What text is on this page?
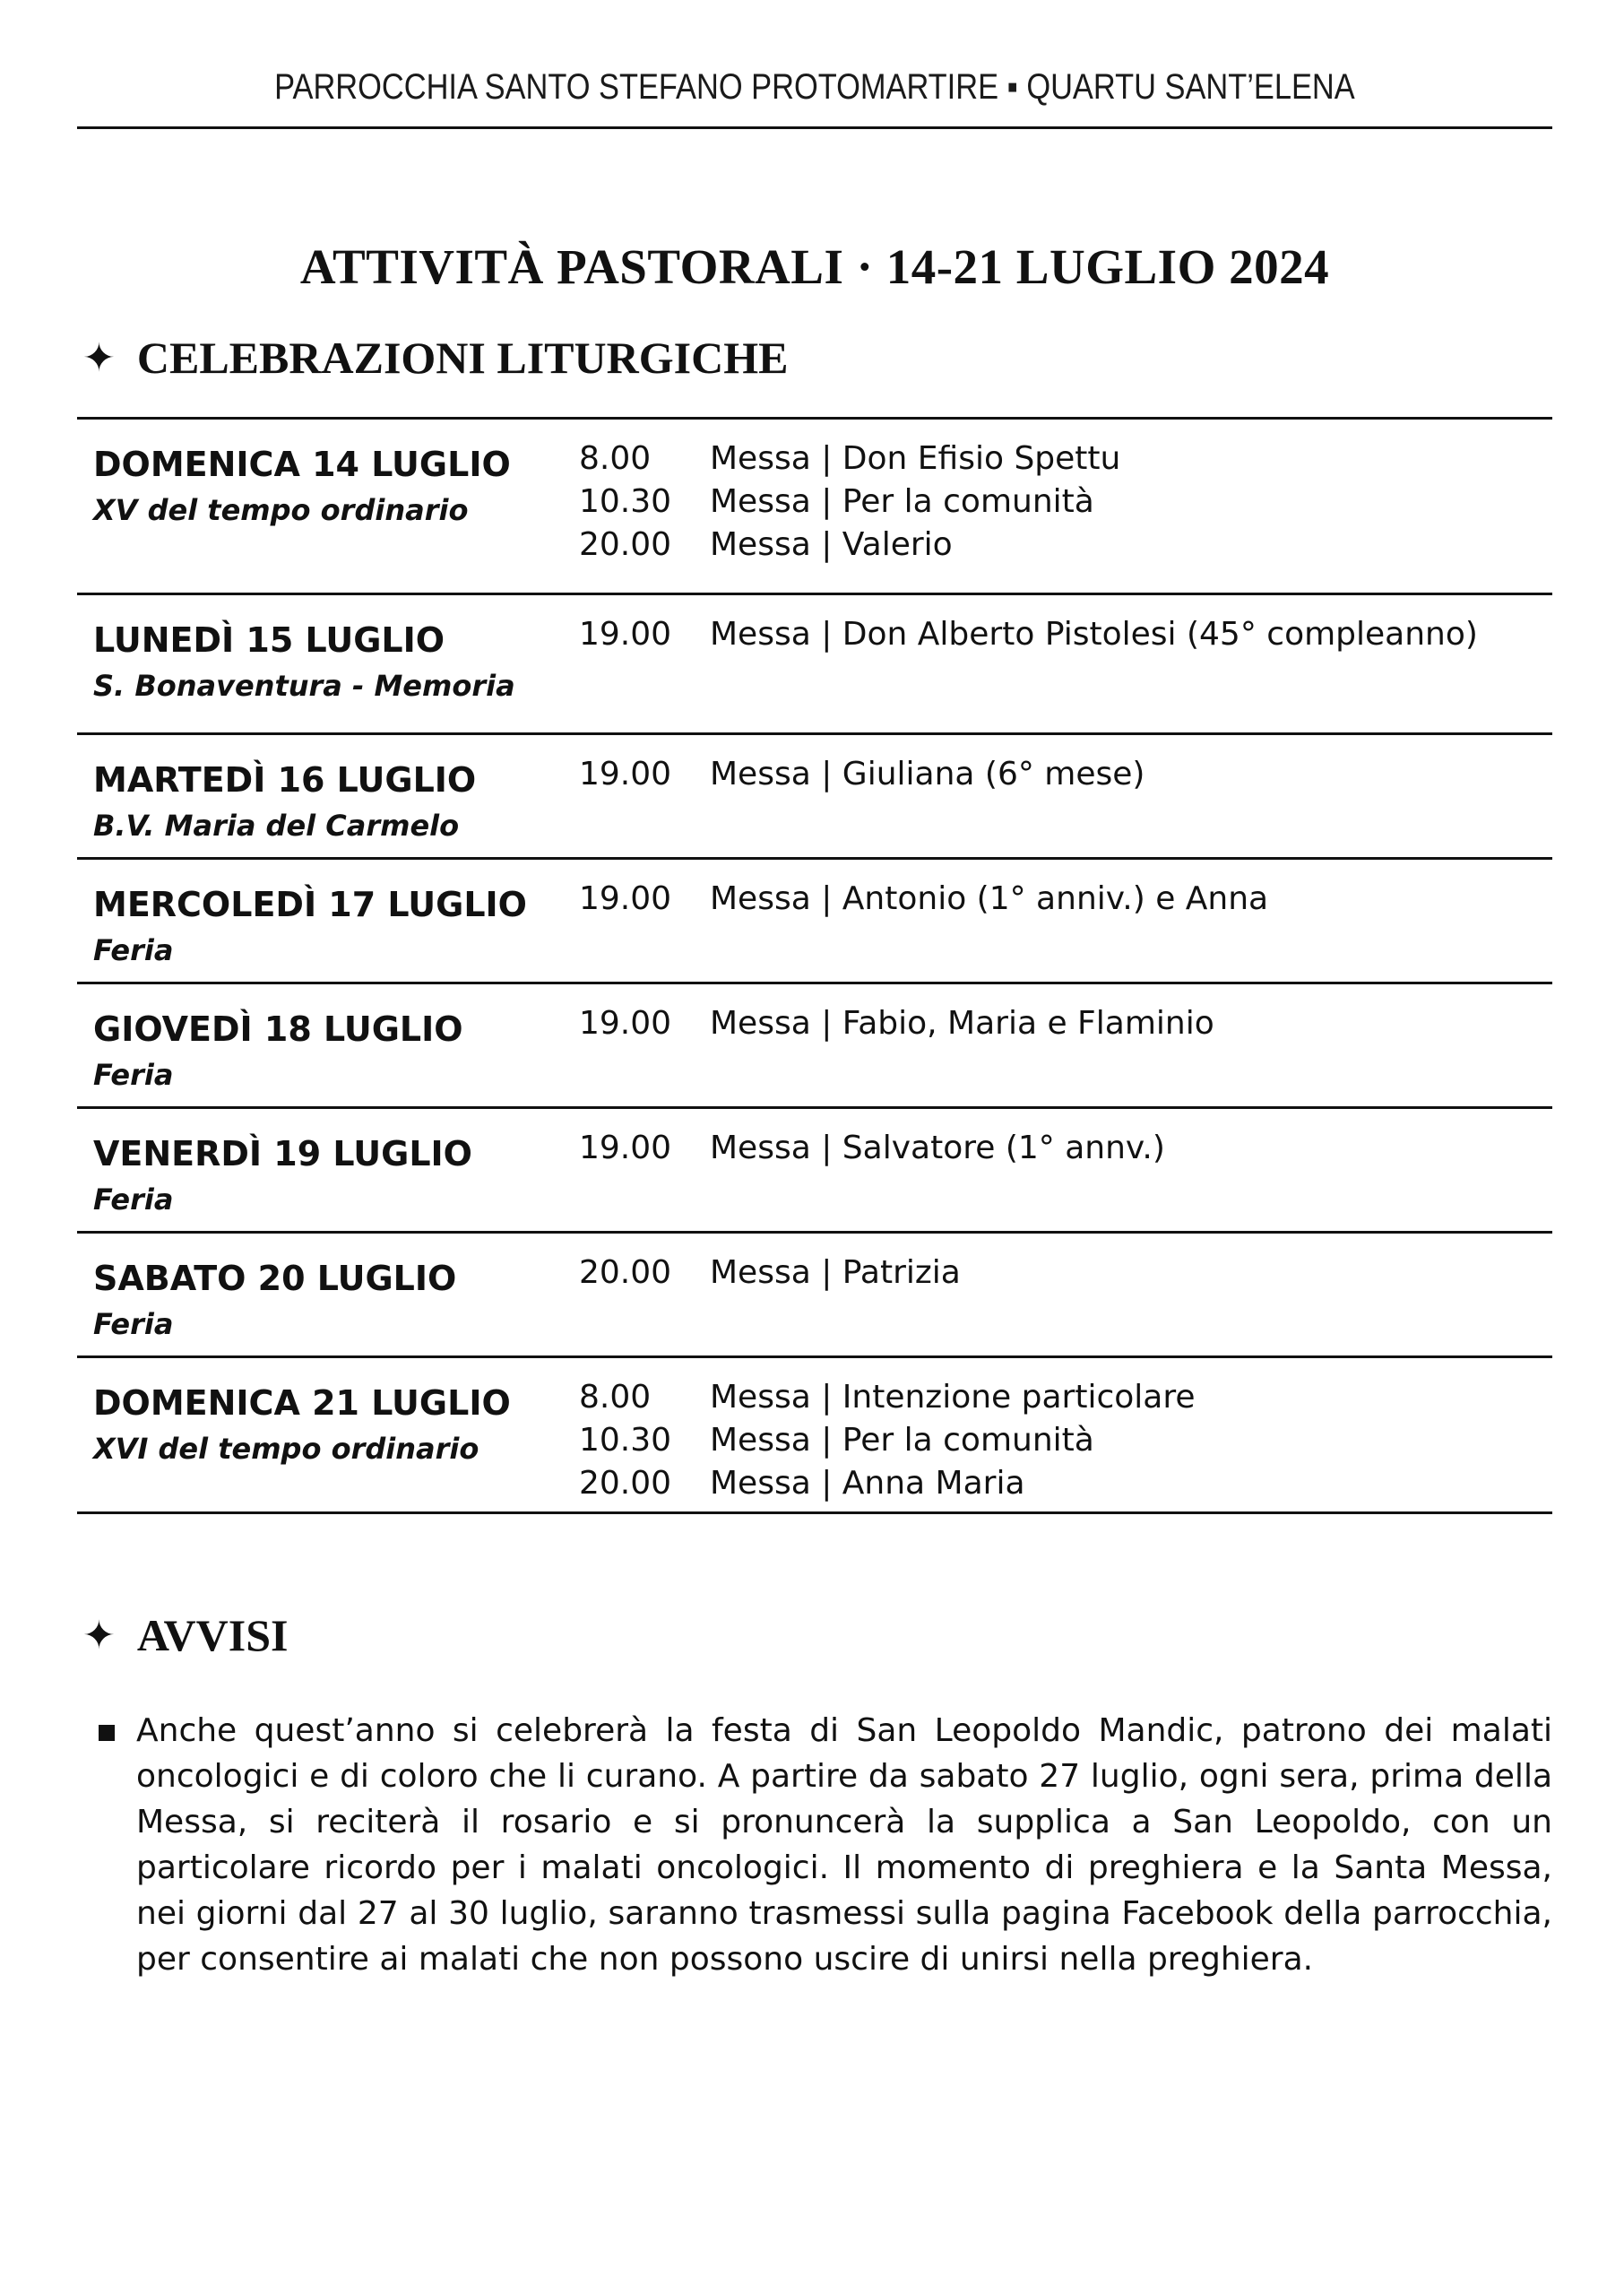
PARROCCHIA SANTO STEFANO PROTOMARTIRE ▪ QUARTU SANT’ELENA
ATTIVITÀ PASTORALI · 14-21 LUGLIO 2024
✦ CELEBRAZIONI LITURGICHE
DOMENICA 14 LUGLIO
XV del tempo ordinario
8.00	Messa | Don Efisio Spettu
10.30	Messa | Per la comunità
20.00	Messa | Valerio
LUNEDÌ 15 LUGLIO
S. Bonaventura - Memoria
19.00	Messa | Don Alberto Pistolesi (45° compleanno)
MARTEDÌ 16 LUGLIO
B.V. Maria del Carmelo
19.00	Messa | Giuliana (6° mese)
MERCOLEDÌ 17 LUGLIO
Feria
19.00	Messa | Antonio (1° anniv.) e Anna
GIOVEDÌ 18 LUGLIO
Feria
19.00	Messa | Fabio, Maria e Flaminio
VENERDÌ 19 LUGLIO
Feria
19.00	Messa | Salvatore (1° annv.)
SABATO 20 LUGLIO
Feria
20.00	Messa | Patrizia
DOMENICA 21 LUGLIO
XVI del tempo ordinario
8.00	Messa | Intenzione particolare
10.30	Messa | Per la comunità
20.00	Messa | Anna Maria
✦ AVVISI
Anche quest’anno si celebrerà la festa di San Leopoldo Mandic, patrono dei malati oncologici e di coloro che li curano. A partire da sabato 27 luglio, ogni sera, prima della Messa, si reciterà il rosario e si pronuncerà la supplica a San Leopoldo, con un particolare ricordo per i malati oncologici. Il momento di preghiera e la Santa Messa, nei giorni dal 27 al 30 luglio, saranno trasmessi sulla pagina Facebook della parrocchia, per consentire ai malati che non possono uscire di unirsi nella preghiera.
